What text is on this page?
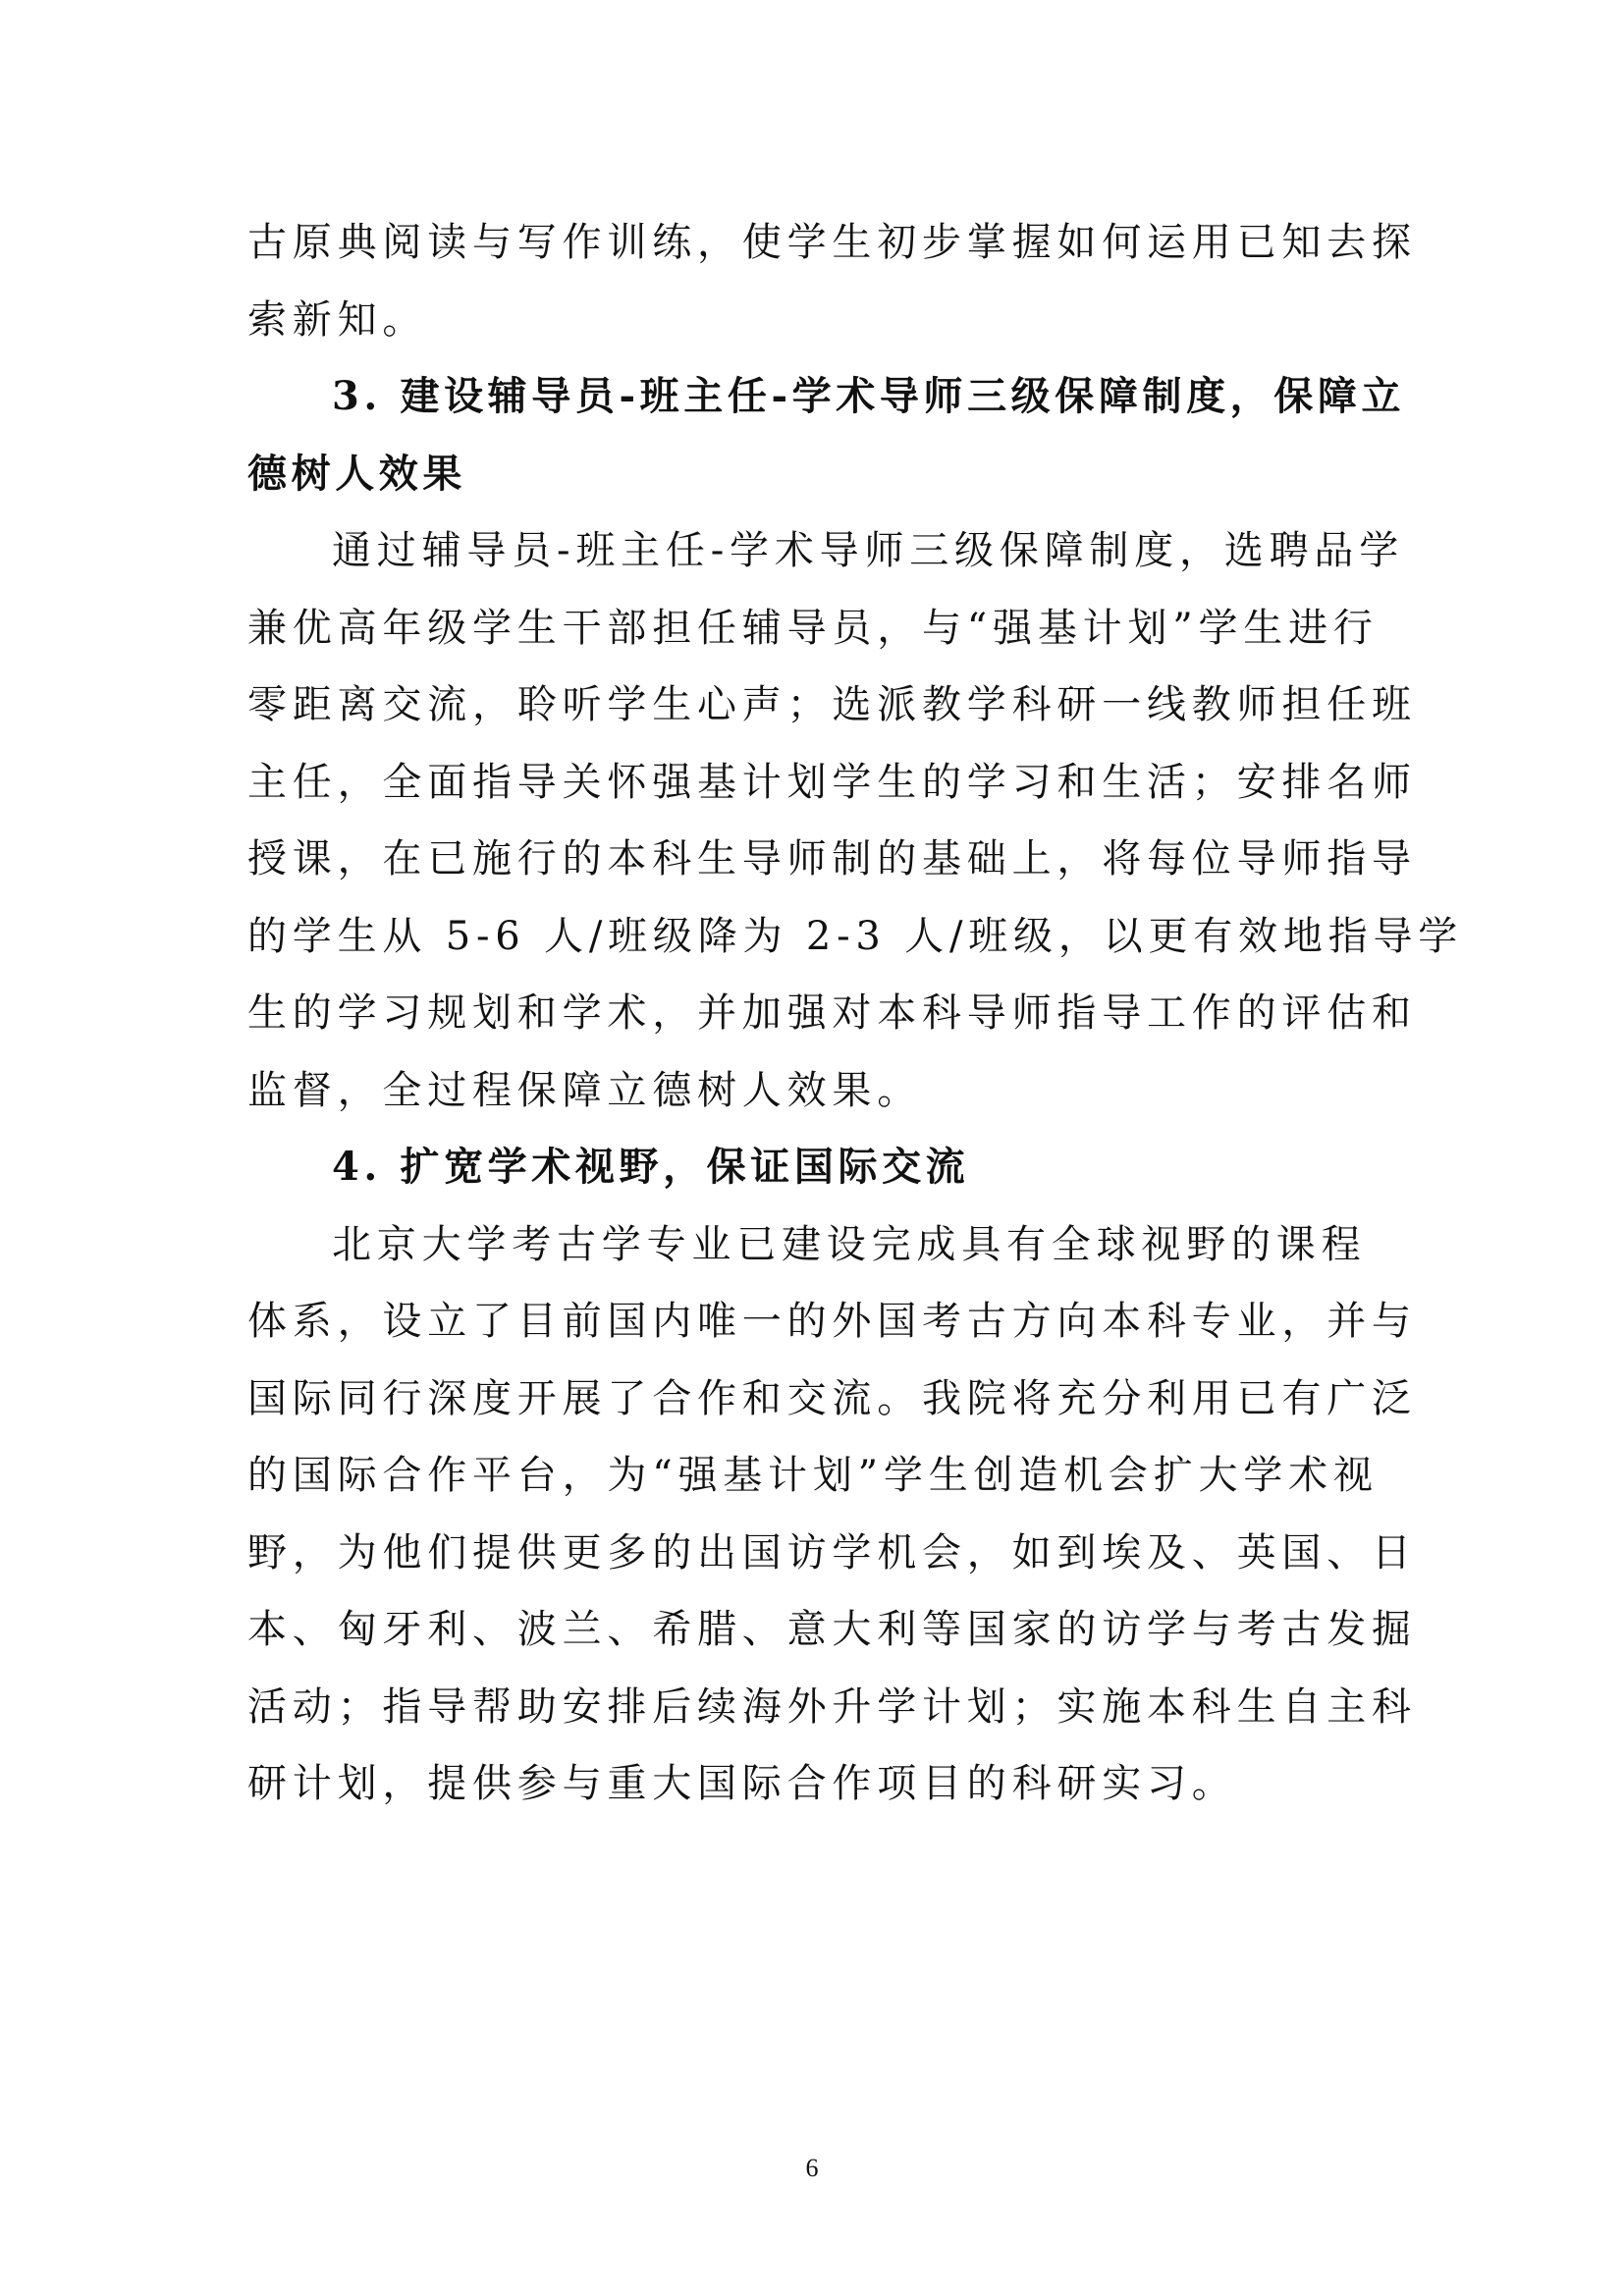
古原典阅读与写作训练，使学生初步掌握如何运用已知去探
索新知。
3. 建设辅导员-班主任-学术导师三级保障制度，保障立
德树人效果
通过辅导员-班主任-学术导师三级保障制度，选聘品学
兼优高年级学生干部担任辅导员，与“强基计划”学生进行
零距离交流，聆听学生心声；选派教学科研一线教师担任班
主任，全面指导关怀强基计划学生的学习和生活；安排名师
授课，在已施行的本科生导师制的基础上，将每位导师指导
的学生从 5-6 人/班级降为 2-3 人/班级，以更有效地指导学
生的学习规划和学术，并加强对本科导师指导工作的评估和
监督，全过程保障立德树人效果。
4. 扩宽学术视野，保证国际交流
北京大学考古学专业已建设完成具有全球视野的课程
体系，设立了目前国内唯一的外国考古方向本科专业，并与
国际同行深度开展了合作和交流。我院将充分利用已有广泛
的国际合作平台，为“强基计划”学生创造机会扩大学术视
野，为他们提供更多的出国访学机会，如到埃及、英国、日
本、匈牙利、波兰、希腊、意大利等国家的访学与考古发掘
活动；指导帮助安排后续海外升学计划；实施本科生自主科
研计划，提供参与重大国际合作项目的科研实习。
6
